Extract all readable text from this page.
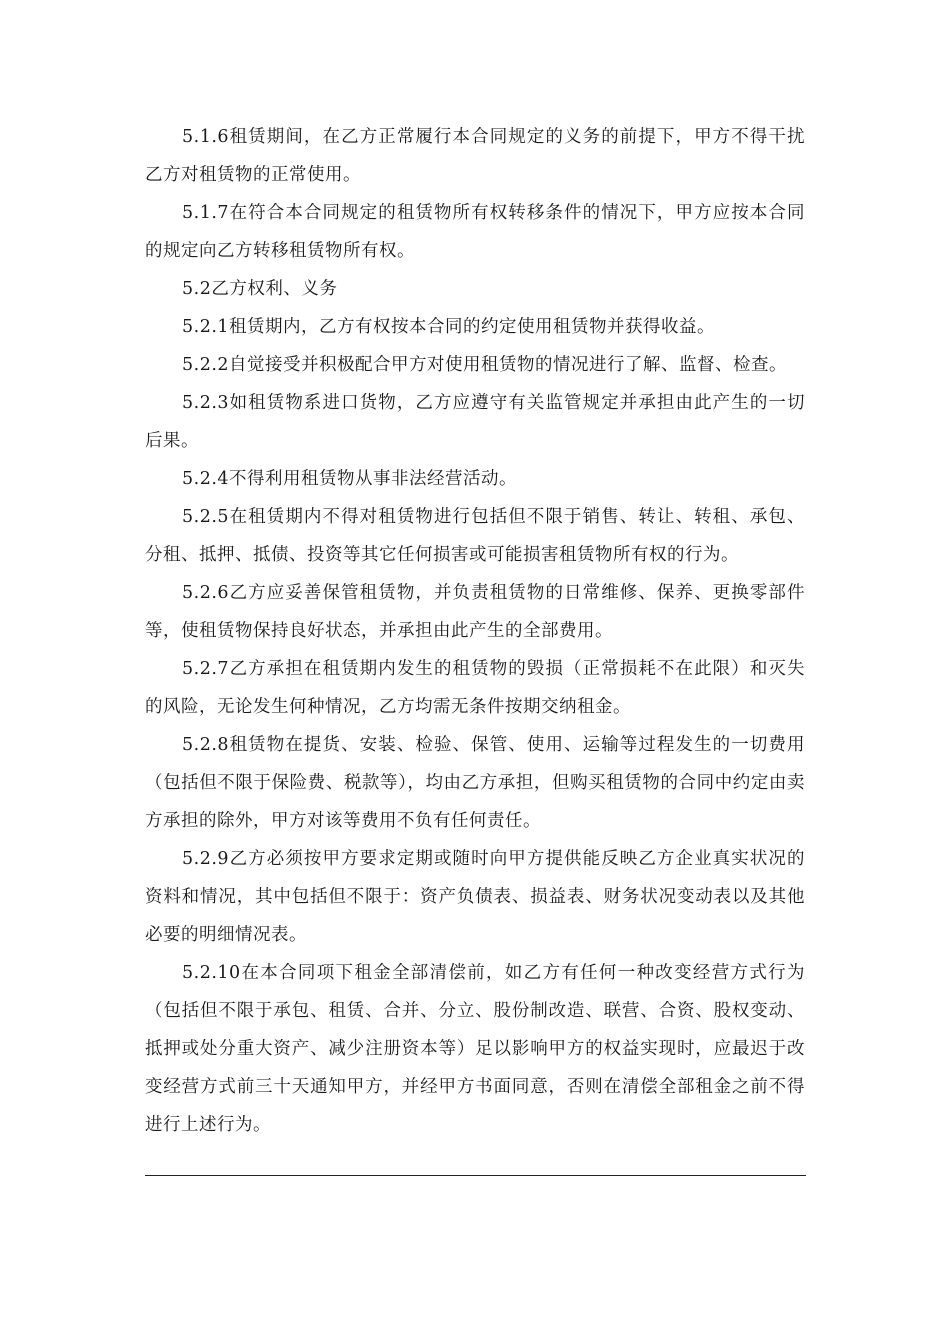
5.1.6租赁期间，在乙方正常履行本合同规定的义务的前提下，甲方不得干扰乙方对租赁物的正常使用。

5.1.7在符合本合同规定的租赁物所有权转移条件的情况下，甲方应按本合同的规定向乙方转移租赁物所有权。

5.2乙方权利、义务

5.2.1租赁期内，乙方有权按本合同的约定使用租赁物并获得收益。

5.2.2自觉接受并积极配合甲方对使用租赁物的情况进行了解、监督、检查。

5.2.3如租赁物系进口货物，乙方应遵守有关监管规定并承担由此产生的一切后果。

5.2.4不得利用租赁物从事非法经营活动。

5.2.5在租赁期内不得对租赁物进行包括但不限于销售、转让、转租、承包、分租、抵押、抵债、投资等其它任何损害或可能损害租赁物所有权的行为。

5.2.6乙方应妥善保管租赁物，并负责租赁物的日常维修、保养、更换零部件等，使租赁物保持良好状态，并承担由此产生的全部费用。

5.2.7乙方承担在租赁期内发生的租赁物的毁损（正常损耗不在此限）和灭失的风险，无论发生何种情况，乙方均需无条件按期交纳租金。

5.2.8租赁物在提货、安装、检验、保管、使用、运输等过程发生的一切费用（包括但不限于保险费、税款等），均由乙方承担，但购买租赁物的合同中约定由卖方承担的除外，甲方对该等费用不负有任何责任。

5.2.9乙方必须按甲方要求定期或随时向甲方提供能反映乙方企业真实状况的资料和情况，其中包括但不限于：资产负债表、损益表、财务状况变动表以及其他必要的明细情况表。

5.2.10在本合同项下租金全部清偿前，如乙方有任何一种改变经营方式行为（包括但不限于承包、租赁、合并、分立、股份制改造、联营、合资、股权变动、抵押或处分重大资产、减少注册资本等）足以影响甲方的权益实现时，应最迟于改变经营方式前三十天通知甲方，并经甲方书面同意，否则在清偿全部租金之前不得进行上述行为。
